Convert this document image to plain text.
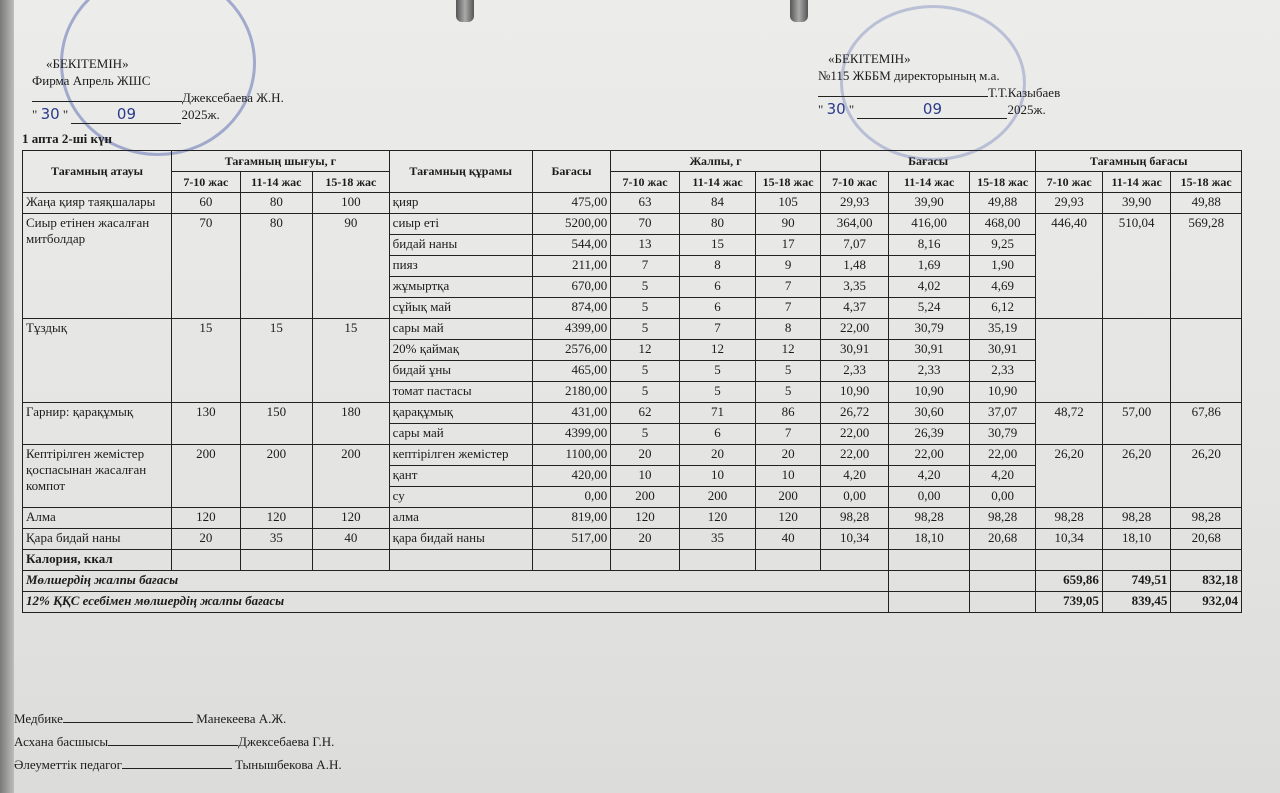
«БЕКІТЕМІН»
Фирма Апрель ЖШС
Джексебаева Ж.Н.
" 30 "	09	2025ж.
«БЕКІТЕМІН»
№115 ЖББМ директорының м.а.
Т.Т.Казыбаев
" 30 "	09	2025ж.
1 апта 2-ші күн
Тағамның атауы	Тағамның шығуы, г			Тағамның құрамы	Бағасы	Жалпы, г			Бағасы			Тағамның бағасы		
	7-10 жас	11-14 жас	15-18 жас			7-10 жас	11-14 жас	15-18 жас	7-10 жас	11-14 жас	15-18 жас	7-10 жас	11-14 жас	15-18 жас
Жаңа қияр таяқшалары	60	80	100	қияр	475,00	63	84	105	29,93	39,90	49,88	29,93	39,90	49,88
Сиыр етінен жасалған митболдар	70	80	90	сиыр еті	5200,00	70	80	90	364,00	416,00	468,00	446,40	510,04	569,28
				бидай наны	544,00	13	15	17	7,07	8,16	9,25			
				пияз	211,00	7	8	9	1,48	1,69	1,90			
				жұмыртқа	670,00	5	6	7	3,35	4,02	4,69			
				сұйық май	874,00	5	6	7	4,37	5,24	6,12			
Тұздық	15	15	15	сары май	4399,00	5	7	8	22,00	30,79	35,19			
				20% қаймақ	2576,00	12	12	12	30,91	30,91	30,91			
				бидай ұны	465,00	5	5	5	2,33	2,33	2,33			
				томат пастасы	2180,00	5	5	5	10,90	10,90	10,90			
Гарнир: қарақұмық	130	150	180	қарақұмық	431,00	62	71	86	26,72	30,60	37,07	48,72	57,00	67,86
				сары май	4399,00	5	6	7	22,00	26,39	30,79			
Кептірілген жемістер қоспасынан жасалған компот	200	200	200	кептірілген жемістер	1100,00	20	20	20	22,00	22,00	22,00	26,20	26,20	26,20
				қант	420,00	10	10	10	4,20	4,20	4,20			
				су	0,00	200	200	200	0,00	0,00	0,00			
Алма	120	120	120	алма	819,00	120	120	120	98,28	98,28	98,28	98,28	98,28	98,28
Қара бидай наны	20	35	40	қара бидай наны	517,00	20	35	40	10,34	18,10	20,68	10,34	18,10	20,68
Калория, ккал														
Мөлшердің жалпы бағасы												659,86	749,51	832,18
12% ҚҚС есебімен мөлшердің жалпы бағасы												739,05	839,45	932,04
Медбике	Манекеева А.Ж.
Асхана басшысы	Джексебаева Г.Н.
Әлеуметтік педагог	Тынышбекова А.Н.
